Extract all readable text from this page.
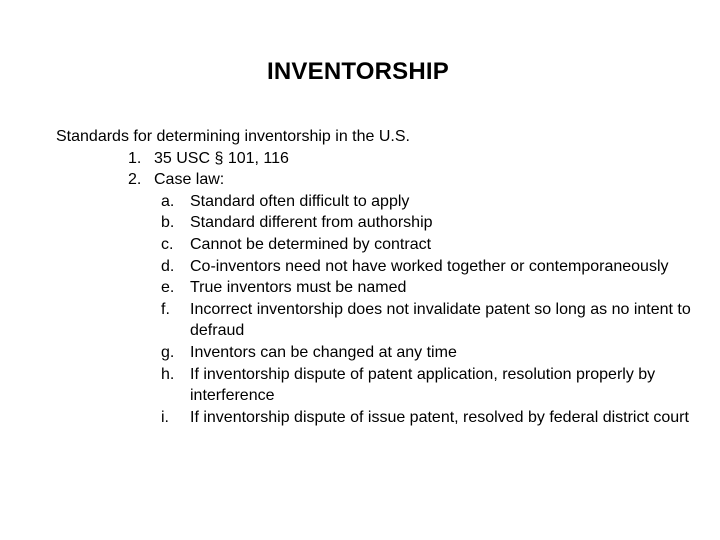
INVENTORSHIP

Standards for determining inventorship in the U.S.

1. 35 USC § 101, 116
2. Case law:
a. Standard often difficult to apply
b. Standard different from authorship
c. Cannot be determined by contract
d. Co-inventors need not have worked together or contemporaneously
e. True inventors must be named
f. Incorrect inventorship does not invalidate patent so long as no intent to defraud
g. Inventors can be changed at any time
h. If inventorship dispute of patent application, resolution properly by interference
i. If inventorship dispute of issue patent, resolved by federal district court
